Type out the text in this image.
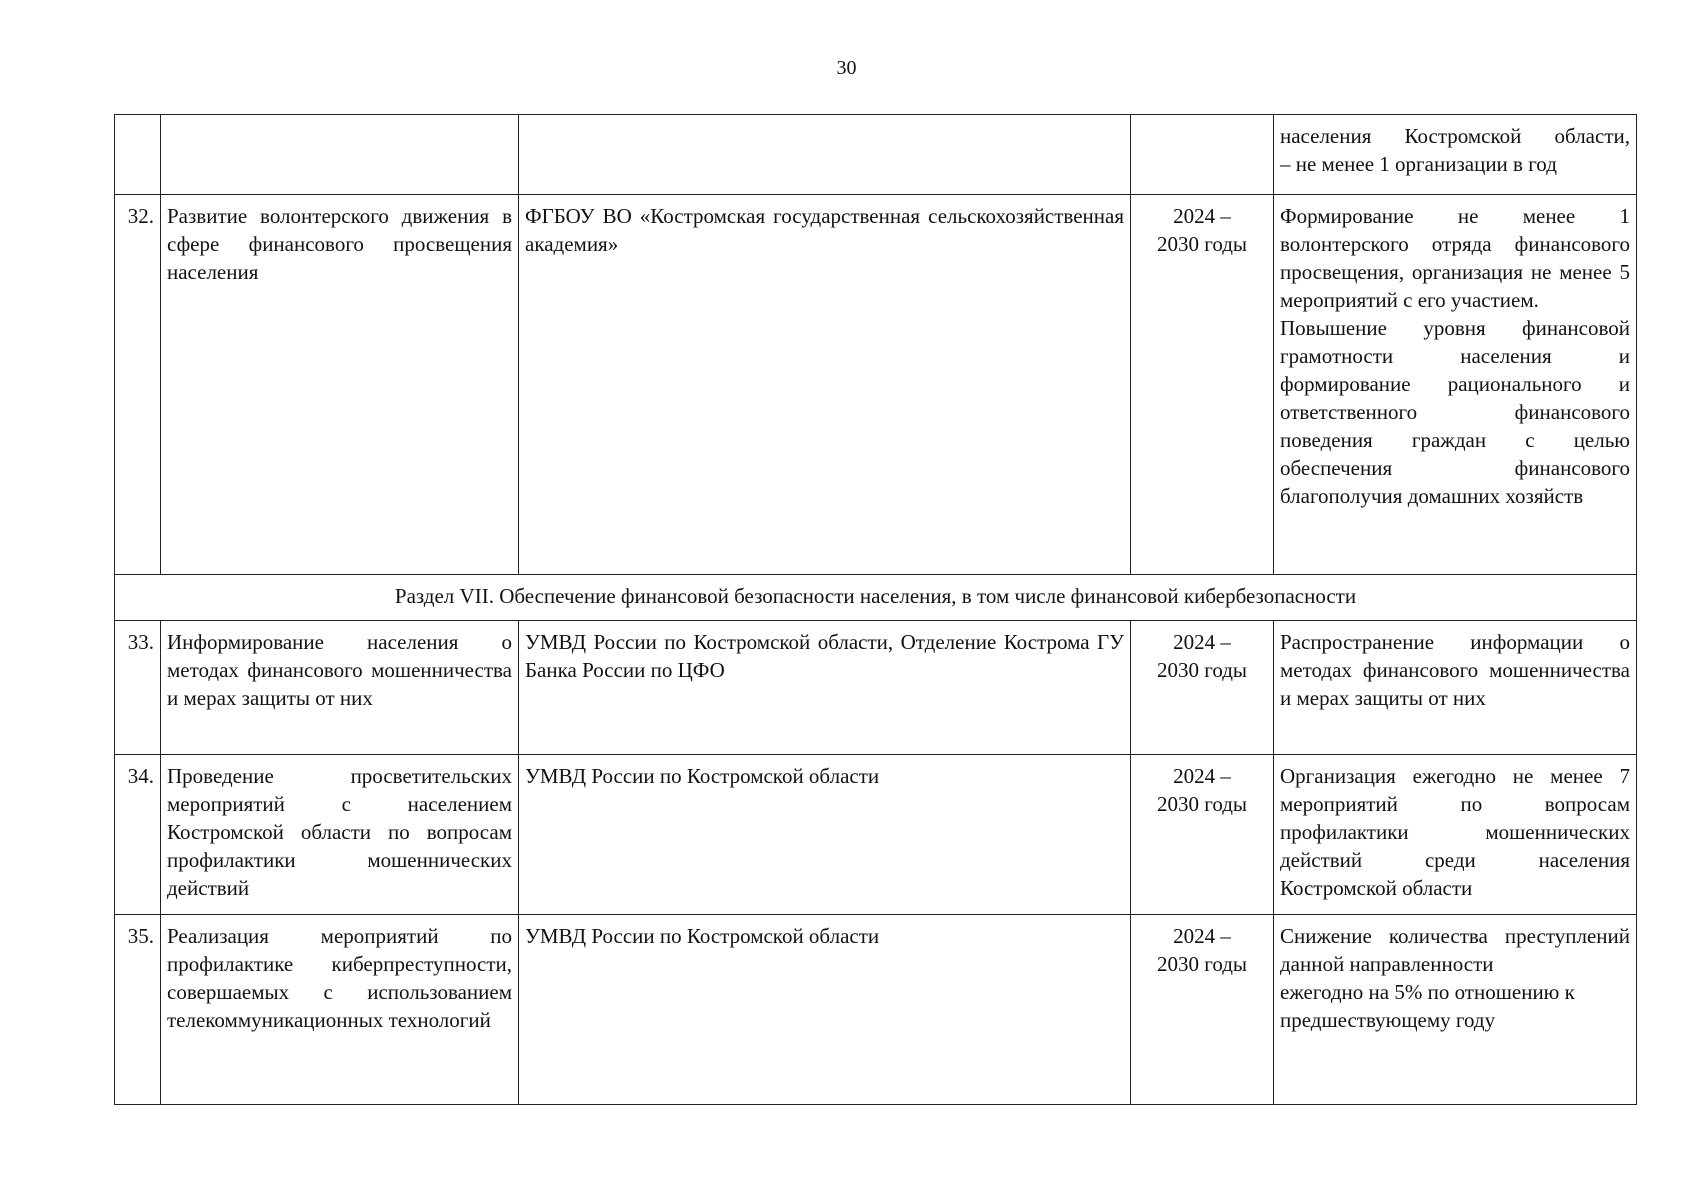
30

				населения Костромской области,
– не менее 1 организации в год

32.	Развитие волонтерского движения в сфере финансового просвещения населения	ФГБОУ ВО «Костромская государственная сельскохозяйственная академия»	2024 –
2030 годы	Формирование не менее 1 волонтерского отряда финансового просвещения, организация не менее 5 мероприятий с его участием.
Повышение уровня финансовой грамотности населения и формирование рационального и ответственного финансового поведения граждан с целью обеспечения финансового благополучия домашних хозяйств

Раздел VII. Обеспечение финансовой безопасности населения, в том числе финансовой кибербезопасности				
33.	Информирование населения о методах финансового мошенничества и мерах защиты от них	УМВД России по Костромской области, Отделение Кострома ГУ Банка России по ЦФО	2024 –
2030 годы	Распространение информации о методах финансового мошенничества и мерах защиты от них
34.	Проведение просветительских мероприятий с населением Костромской области по вопросам профилактики мошеннических действий	УМВД России по Костромской области	2024 –
2030 годы	Организация ежегодно не менее 7 мероприятий по вопросам профилактики мошеннических действий среди населения Костромской области
35.	Реализация мероприятий по профилактике киберпреступности, совершаемых с использованием телекоммуникационных технологий	УМВД России по Костромской области	2024 –
2030 годы	Снижение количества преступлений данной направленности
ежегодно на 5% по отношению к предшествующему году
